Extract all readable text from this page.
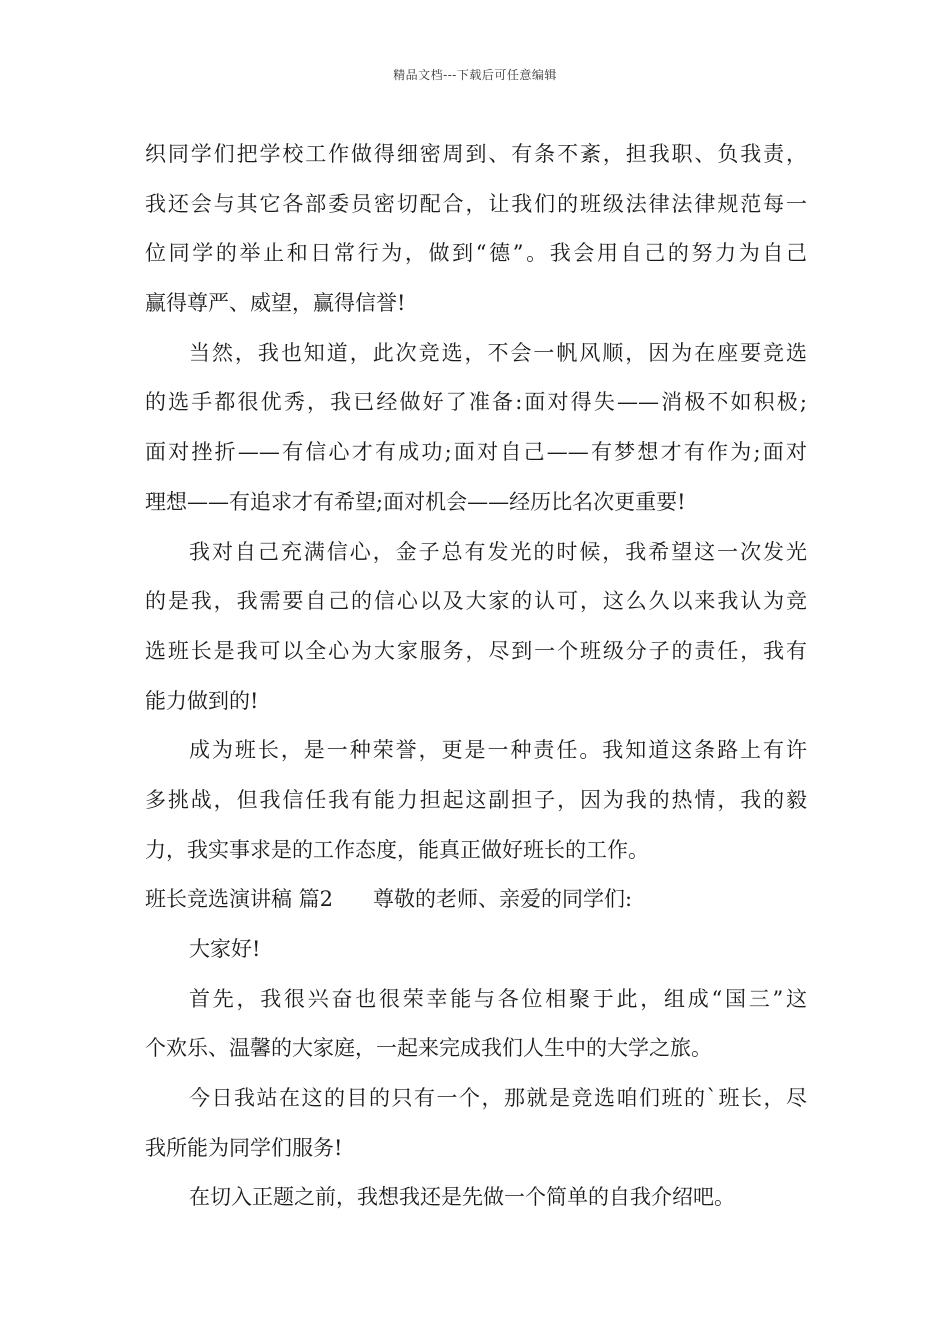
精品文档---下载后可任意编辑
织同学们把学校工作做得细密周到、有条不紊，担我职、负我责，
我还会与其它各部委员密切配合，让我们的班级法律法律规范每一
位同学的举止和日常行为，做到“德”。我会用自己的努力为自己
赢得尊严、威望，赢得信誉!
当然，我也知道，此次竞选，不会一帆风顺，因为在座要竞选
的选手都很优秀，我已经做好了准备:面对得失——消极不如积极;
面对挫折——有信心才有成功;面对自己——有梦想才有作为;面对
理想——有追求才有希望;面对机会——经历比名次更重要!
我对自己充满信心，金子总有发光的时候，我希望这一次发光
的是我，我需要自己的信心以及大家的认可，这么久以来我认为竞
选班长是我可以全心为大家服务，尽到一个班级分子的责任，我有
能力做到的!
成为班长，是一种荣誉，更是一种责任。我知道这条路上有许
多挑战，但我信任我有能力担起这副担子，因为我的热情，我的毅
力，我实事求是的工作态度，能真正做好班长的工作。
班长竞选演讲稿 篇2 尊敬的老师、亲爱的同学们:
大家好!
首先，我很兴奋也很荣幸能与各位相聚于此，组成“国三”这
个欢乐、温馨的大家庭，一起来完成我们人生中的大学之旅。
今日我站在这的目的只有一个，那就是竞选咱们班的`班长，尽
我所能为同学们服务!
在切入正题之前，我想我还是先做一个简单的自我介绍吧。
